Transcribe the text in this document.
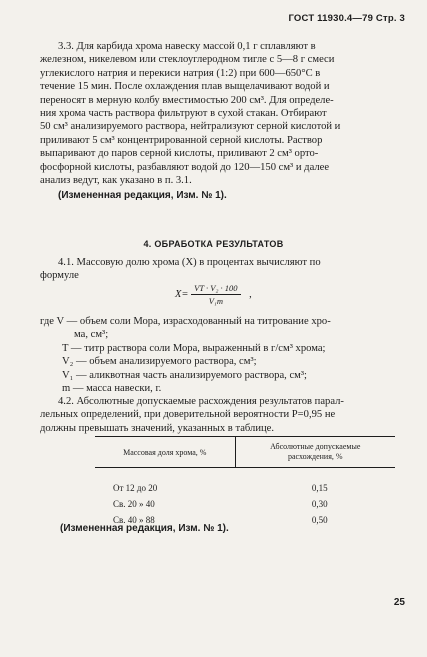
ГОСТ 11930.4—79 Стр. 3
3.3. Для карбида хрома навеску массой 0,1 г сплавляют в
железном, никелевом или стеклоуглеродном тигле с 5—8 г смеси
углекислого натрия и перекиси натрия (1:2) при 600—650°С в
течение 15 мин. После охлаждения плав выщелачивают водой и
переносят в мерную колбу вместимостью 200 см³. Для определе-
ния хрома часть раствора фильтруют в сухой стакан. Отбирают
50 см³ анализируемого раствора, нейтрализуют серной кислотой и
приливают 5 см³ концентрированной серной кислоты. Раствор
выпаривают до паров серной кислоты, приливают 2 см³ орто-
фосфорной кислоты, разбавляют водой до 120—150 см³ и далее
анализ ведут, как указано в п. 3.1.
(Измененная редакция, Изм. № 1).
4. ОБРАБОТКА РЕЗУЛЬТАТОВ
4.1. Массовую долю хрома (X) в процентах вычисляют по
формуле
$X= \frac{\text{VT · V₂ · 100}}{\text{V₁m}}$ ,
где V — объем соли Мора, израсходованный на титрование хро-
ма, см³;
T — титр раствора соли Мора, выраженный в г/см³ хрома;
V₂ — объем анализируемого раствора, см³;
V₁ — аликвотная часть анализируемого раствора, см³;
m — масса навески, г.
4.2. Абсолютные допускаемые расхождения результатов парал-
лельных определений, при доверительной вероятности P=0,95 не
должны превышать значений, указанных в таблице.
Массовая доля хрома, %
Абсолютные допускаемые
расхождения, %
От 12 до 20	0,15
Св. 20 » 40	0,30
Св. 40 » 88	0,50
(Измененная редакция, Изм. № 1).
25
